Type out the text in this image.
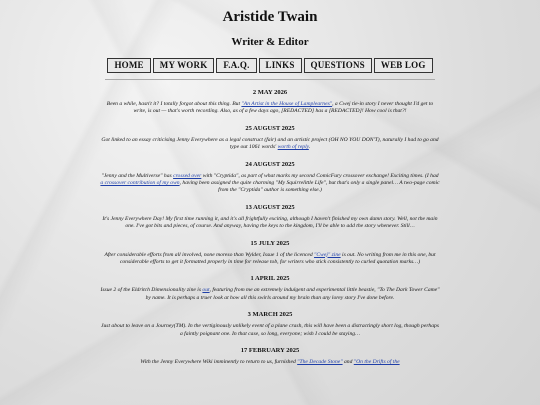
Aristide Twain
Writer & Editor
HOME	MY WORK	F.A.Q.	LINKS	QUESTIONS	WEB LOG
2 MAY 2026

Been a while, hasn't it? I totally forgot about this thing. But "An Artist in the House of Lamplearnes", a Cwej tie-in story I never thought I'd get to write, is out — that's worth recording. Also, as of a few days ago, [REDACTED] has a [REDACTED]! How cool is that?!

25 AUGUST 2025

Got linked to an essay criticising Jenny Everywhere as a legal construct (fair) and an artistic project (OH NO YOU DON'T), naturally I had to go and type out 1061 words' worth of reply.

24 AUGUST 2025

"Jenny and the Multiverse" has crossed over with "Cryptida", as part of what marks my second ComicFury crossover exchange! Exciting times. (I had a crossover contribution of my own, having been assigned the quite charming "My Squirrelittle Life", but that's only a single panel… A two-page comic from the "Cryptida" author is something else.)

13 AUGUST 2025

It's Jenny Everywhere Day! My first time running it, and it's all frightfully exciting, although I haven't finished my own damn story. Well, not the main one. I've got bits and pieces, of course. And anyway, having the keys to the kingdom, I'll be able to add the story whenever. Still…

15 JULY 2025

After considerable efforts from all involved, none moreso than Wylder, Issue 1 of the licenced "Cwej" zine is out. No writing from me in this one, but considerable efforts to get it formatted properly in time for release tob, for writers who stick consistently to curled quotation marks…)

1 APRIL 2025

Issue 2 of the Eldritch Dimensionality zine is out, featuring from me an extremely indulgent and experimental little beastie, "To The Dark Tower Came" by name. It is perhaps a truer look at how all this swirls around my brain than any lorey story I've done before.

3 MARCH 2025

Just about to leave on a Journey(TM). In the vertiginously unlikely event of a plane crash, this will have been a distractingly short log, though perhaps a faintly poignant one. In that case, so long, everyone; wish I could be staying…

17 FEBRUARY 2025

With the Jenny Everywhere Wiki imminently to return to us, furnished "The Decade Stone" and "On the Drifts of the
